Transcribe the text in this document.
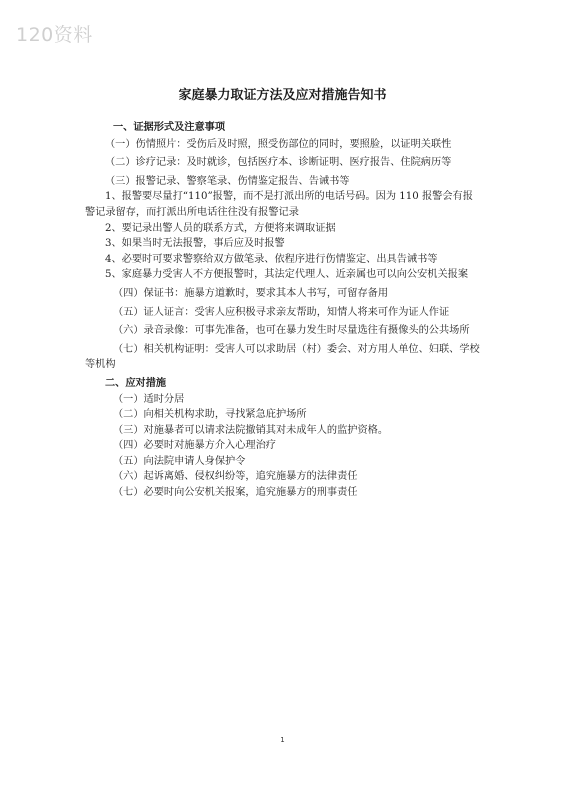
120资料
家庭暴力取证方法及应对措施告知书

一、证据形式及注意事项

（一）伤情照片：受伤后及时照，照受伤部位的同时，要照脸，以证明关联性

（二）诊疗记录：及时就诊，包括医疗本、诊断证明、医疗报告、住院病历等

（三）报警记录、警察笔录、伤情鉴定报告、告诫书等

1、报警要尽量打“110”报警，而不是打派出所的电话号码。因为 110 报警会有报警记录留存，而打派出所电话往往没有报警记录

2、要记录出警人员的联系方式，方便将来调取证据

3、如果当时无法报警，事后应及时报警

4、必要时可要求警察给双方做笔录、依程序进行伤情鉴定、出具告诫书等

5、家庭暴力受害人不方便报警时，其法定代理人、近亲属也可以向公安机关报案

（四）保证书：施暴方道歉时，要求其本人书写，可留存备用

（五）证人证言：受害人应积极寻求亲友帮助，知情人将来可作为证人作证

（六）录音录像：可事先准备，也可在暴力发生时尽量选往有摄像头的公共场所

（七）相关机构证明：受害人可以求助居（村）委会、对方用人单位、妇联、学校等机构

二、应对措施

（一）适时分居

（二）向相关机构求助，寻找紧急庇护场所

（三）对施暴者可以请求法院撤销其对未成年人的监护资格。

（四）必要时对施暴方介入心理治疗

（五）向法院申请人身保护令

（六）起诉离婚、侵权纠纷等，追究施暴方的法律责任

（七）必要时向公安机关报案，追究施暴方的刑事责任

1
